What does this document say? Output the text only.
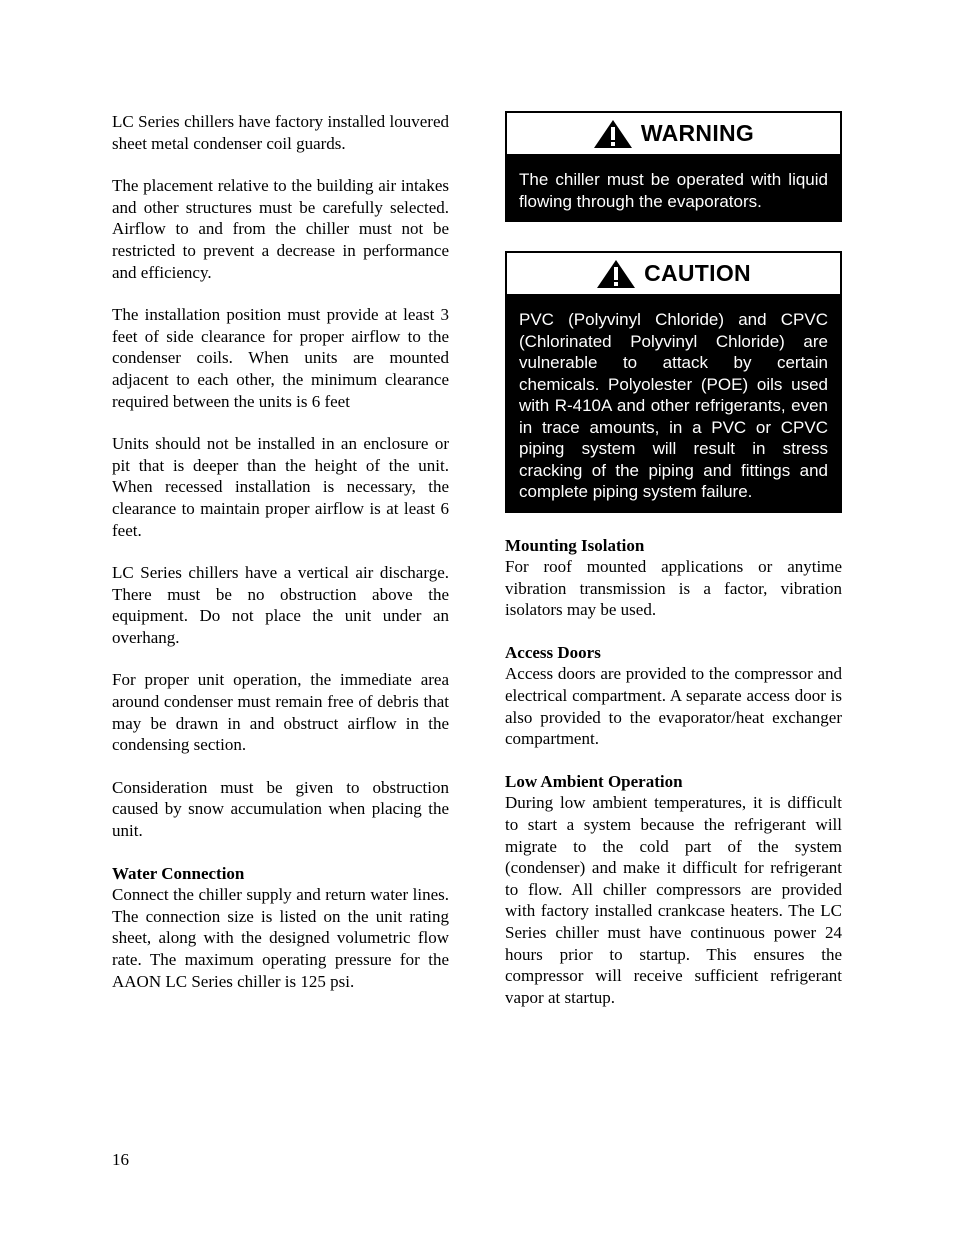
LC Series chillers have factory installed louvered sheet metal condenser coil guards.

The placement relative to the building air intakes and other structures must be carefully selected. Airflow to and from the chiller must not be restricted to prevent a decrease in performance and efficiency.

The installation position must provide at least 3 feet of side clearance for proper airflow to the condenser coils. When units are mounted adjacent to each other, the minimum clearance required between the units is 6 feet

Units should not be installed in an enclosure or pit that is deeper than the height of the unit. When recessed installation is necessary, the clearance to maintain proper airflow is at least 6 feet.

LC Series chillers have a vertical air discharge. There must be no obstruction above the equipment. Do not place the unit under an overhang.

For proper unit operation, the immediate area around condenser must remain free of debris that may be drawn in and obstruct airflow in the condensing section.

Consideration must be given to obstruction caused by snow accumulation when placing the unit.

Water Connection

Connect the chiller supply and return water lines. The connection size is listed on the unit rating sheet, along with the designed volumetric flow rate. The maximum operating pressure for the AAON LC Series chiller is 125 psi.

WARNING
The chiller must be operated with liquid flowing through the evaporators.
CAUTION
PVC (Polyvinyl Chloride) and CPVC (Chlorinated Polyvinyl Chloride) are vulnerable to attack by certain chemicals. Polyolester (POE) oils used with R-410A and other refrigerants, even in trace amounts, in a PVC or CPVC piping system will result in stress cracking of the piping and fittings and complete piping system failure.

Mounting Isolation

For roof mounted applications or anytime vibration transmission is a factor, vibration isolators may be used.

Access Doors

Access doors are provided to the compressor and electrical compartment. A separate access door is also provided to the evaporator/heat exchanger compartment.

Low Ambient Operation

During low ambient temperatures, it is difficult to start a system because the refrigerant will migrate to the cold part of the system (condenser) and make it difficult for refrigerant to flow. All chiller compressors are provided with factory installed crankcase heaters. The LC Series chiller must have continuous power 24 hours prior to startup. This ensures the compressor will receive sufficient refrigerant vapor at startup.

16
